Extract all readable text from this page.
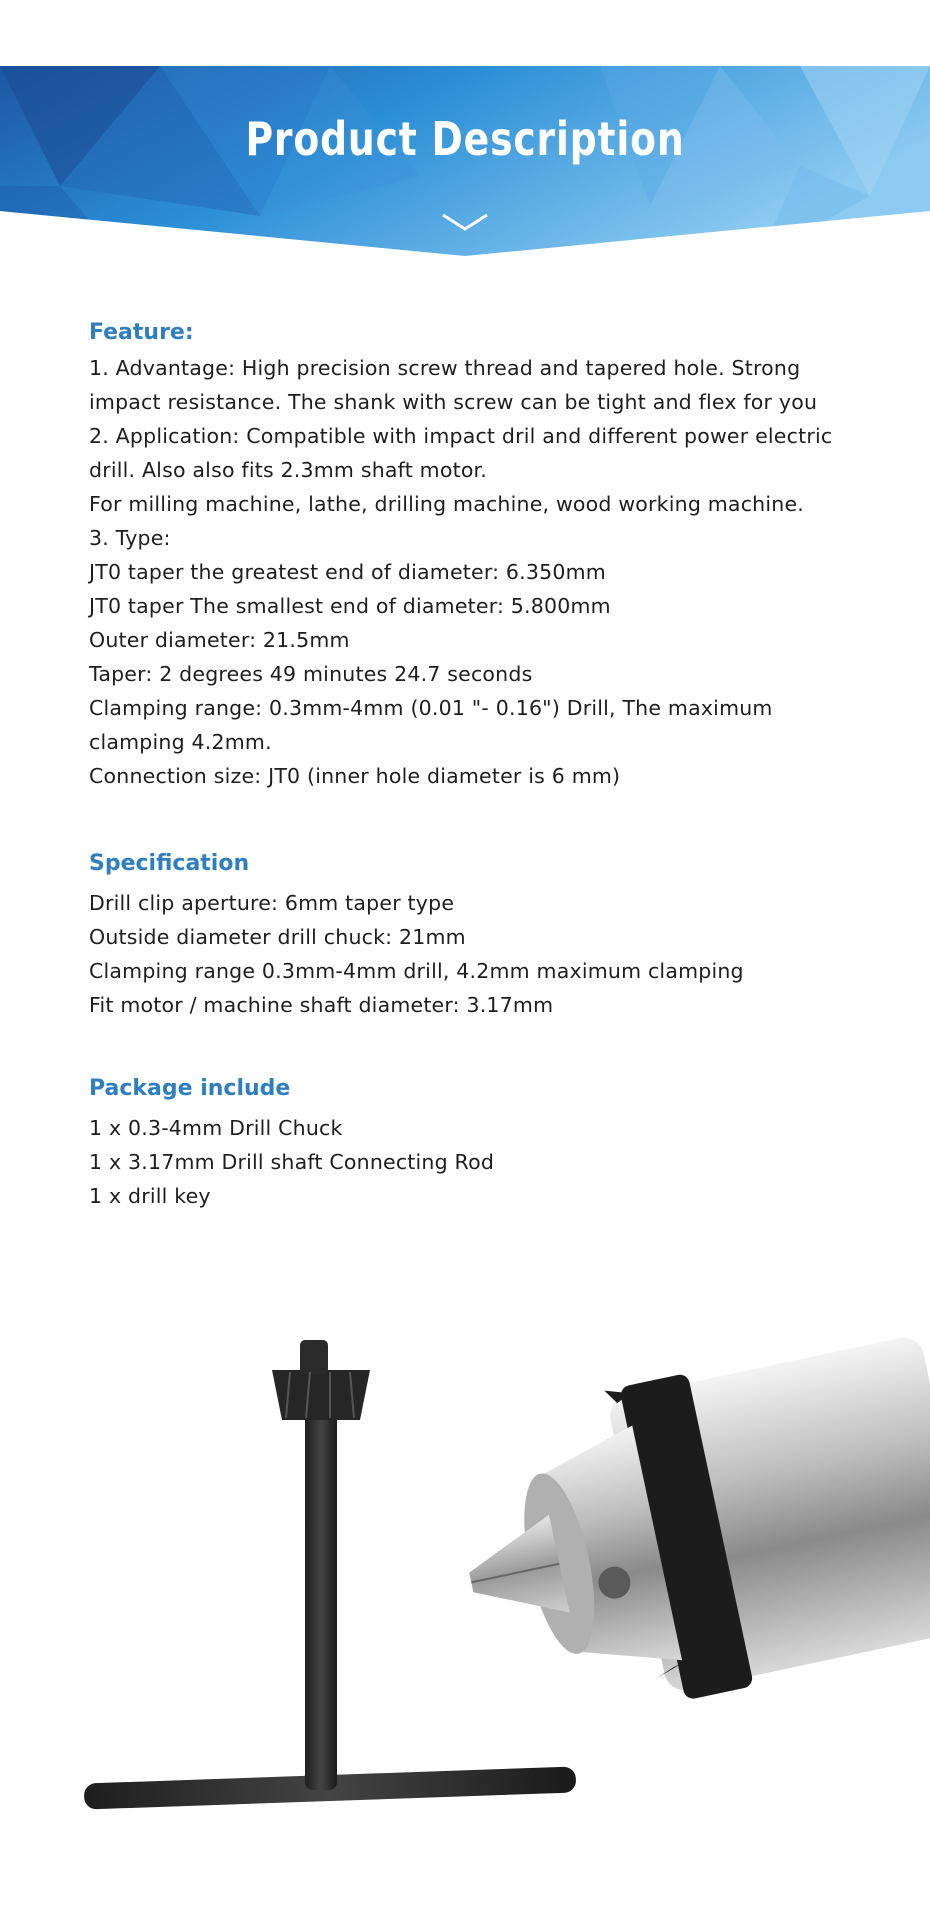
Product Description
Feature:
1. Advantage: High precision screw thread and tapered hole. Strong
impact resistance. The shank with screw can be tight and flex for you
2. Application: Compatible with impact dril and different power electric
drill. Also also fits 2.3mm shaft motor.
For milling machine, lathe, drilling machine, wood working machine.
3. Type:
JT0 taper the greatest end of diameter: 6.350mm
JT0 taper The smallest end of diameter: 5.800mm
Outer diameter: 21.5mm
Taper: 2 degrees 49 minutes 24.7 seconds
Clamping range: 0.3mm-4mm (0.01 "- 0.16") Drill, The maximum
clamping 4.2mm.
Connection size: JT0 (inner hole diameter is 6 mm)
Specification
Drill clip aperture: 6mm taper type
Outside diameter drill chuck: 21mm
Clamping range 0.3mm-4mm drill, 4.2mm maximum clamping
Fit motor / machine shaft diameter: 3.17mm
Package include
1 x 0.3-4mm Drill Chuck
1 x 3.17mm Drill shaft Connecting Rod
1 x drill key
